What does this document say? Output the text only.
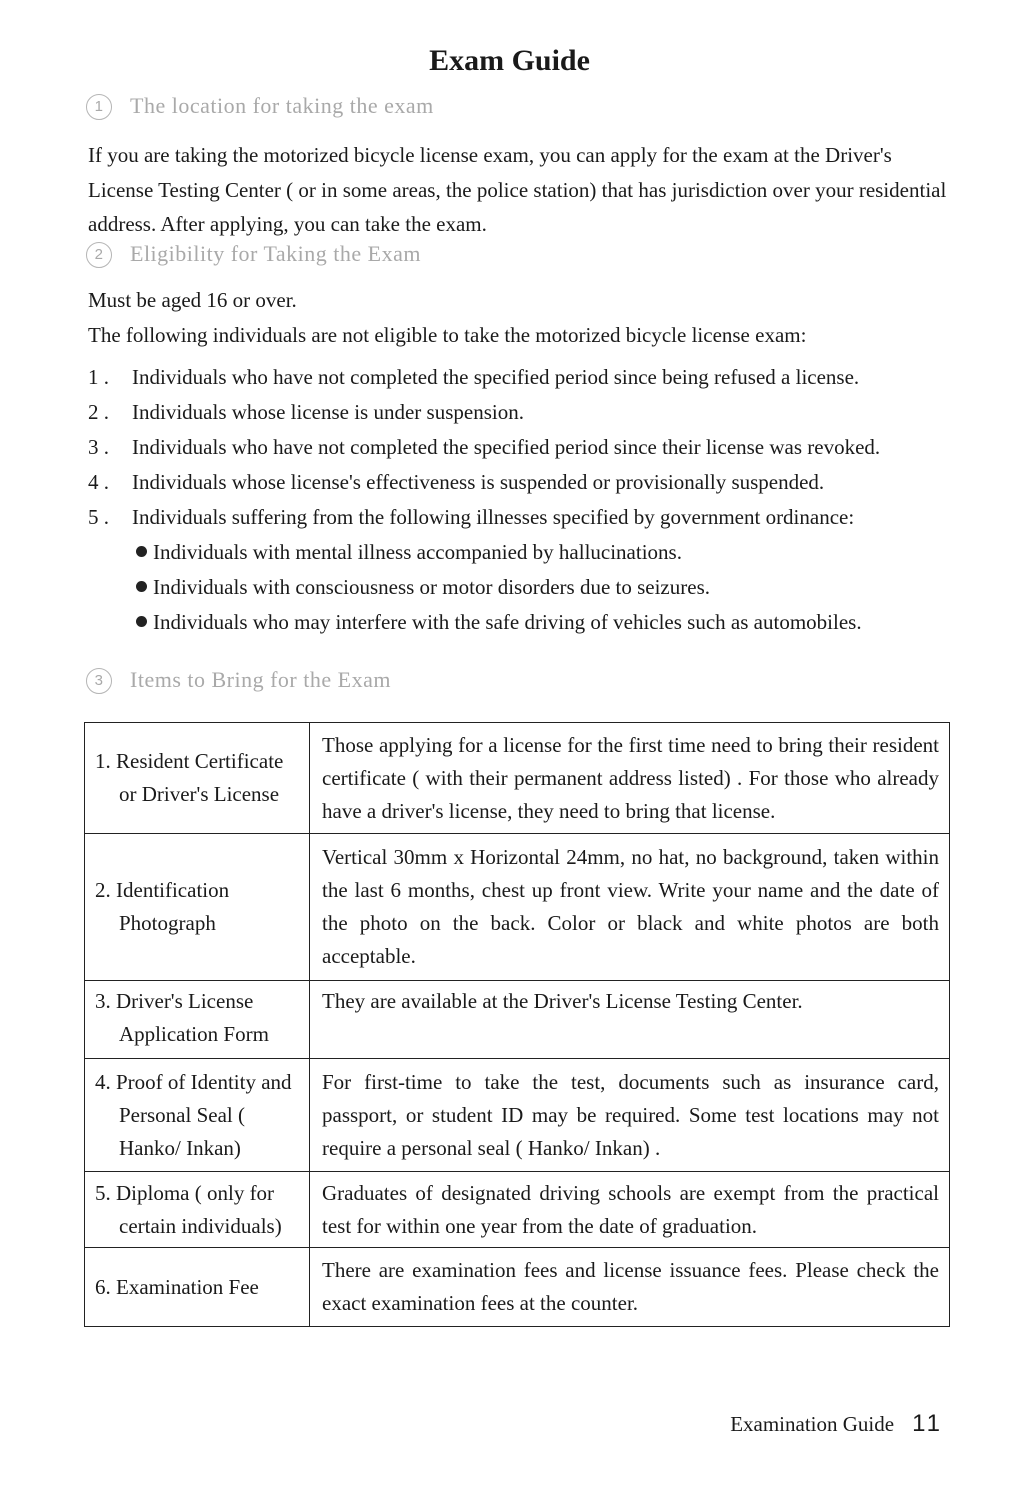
Exam Guide
1 The location for taking the exam

If you are taking the motorized bicycle license exam, you can apply for the exam at the Driver's License Testing Center ( or in some areas, the police station) that has jurisdiction over your residential address. After applying, you can take the exam.

2 Eligibility for Taking the Exam

Must be aged 16 or over.

The following individuals are not eligible to take the motorized bicycle license exam:

1 . Individuals who have not completed the specified period since being refused a license.
2 . Individuals whose license is under suspension.
3 . Individuals who have not completed the specified period since their license was revoked.
4 . Individuals whose license's effectiveness is suspended or provisionally suspended.
5 . Individuals suffering from the following illnesses specified by government ordinance:
Individuals with mental illness accompanied by hallucinations.
Individuals with consciousness or motor disorders due to seizures.
Individuals who may interfere with the safe driving of vehicles such as automobiles.
3 Items to Bring for the Exam
1. Resident Certificate or Driver's License	Those applying for a license for the first time need to bring their resident certificate ( with their permanent address listed) . For those who already have a driver's license, they need to bring that license.

2. Identification Photograph	Vertical 30mm x Horizontal 24mm, no hat, no background, taken within the last 6 months, chest up front view. Write your name and the date of the photo on the back. Color or black and white photos are both acceptable.

3. Driver's License Application Form	They are available at the Driver's License Testing Center.

4. Proof of Identity and Personal Seal ( Hanko/ Inkan)	For first-time to take the test, documents such as insurance card, passport, or student ID may be required. Some test locations may not require a personal seal ( Hanko/ Inkan) .

5. Diploma ( only for certain individuals)	Graduates of designated driving schools are exempt from the practical test for within one year from the date of graduation.

6. Examination Fee	There are examination fees and license issuance fees. Please check the exact examination fees at the counter.
Examination Guide 11
